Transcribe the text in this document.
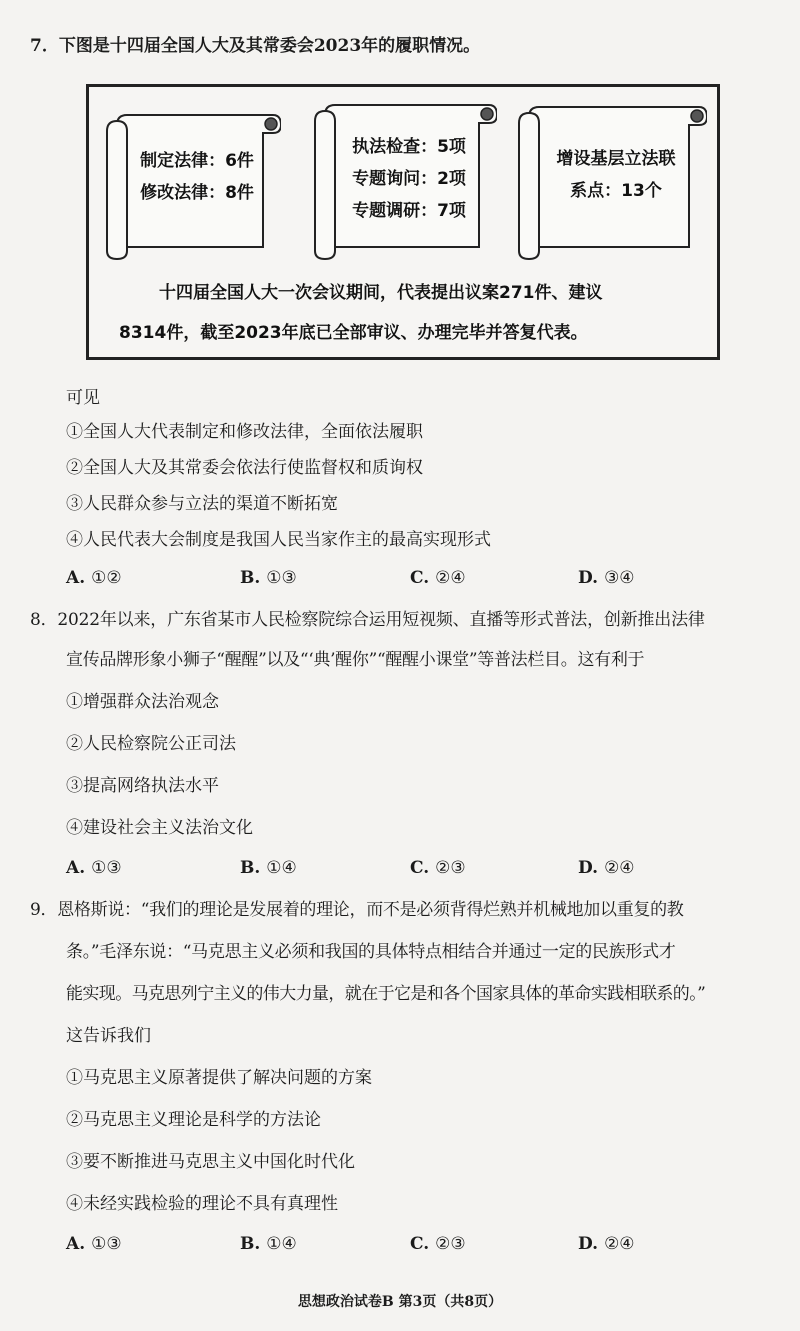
7．下图是十四届全国人大及其常委会2023年的履职情况。
制定法律：6件
修改法律：8件
执法检查：5项
专题询问：2项
专题调研：7项
增设基层立法联
系点：13个
十四届全国人大一次会议期间，代表提出议案271件、建议
8314件，截至2023年底已全部审议、办理完毕并答复代表。
可见
①全国人大代表制定和修改法律，全面依法履职
②全国人大及其常委会依法行使监督权和质询权
③人民群众参与立法的渠道不断拓宽
④人民代表大会制度是我国人民当家作主的最高实现形式
A. ①②	B. ①③	C. ②④	D. ③④
8．2022年以来，广东省某市人民检察院综合运用短视频、直播等形式普法，创新推出法律
宣传品牌形象小狮子“醒醒”以及“‘典’醒你”“醒醒小课堂”等普法栏目。这有利于
①增强群众法治观念
②人民检察院公正司法
③提高网络执法水平
④建设社会主义法治文化
A. ①③	B. ①④	C. ②③	D. ②④
9．恩格斯说：“我们的理论是发展着的理论，而不是必须背得烂熟并机械地加以重复的教
条。”毛泽东说：“马克思主义必须和我国的具体特点相结合并通过一定的民族形式才
能实现。马克思列宁主义的伟大力量，就在于它是和各个国家具体的革命实践相联系的。”
这告诉我们
①马克思主义原著提供了解决问题的方案
②马克思主义理论是科学的方法论
③要不断推进马克思主义中国化时代化
④未经实践检验的理论不具有真理性
A. ①③	B. ①④	C. ②③	D. ②④
思想政治试卷B 第3页（共8页）
